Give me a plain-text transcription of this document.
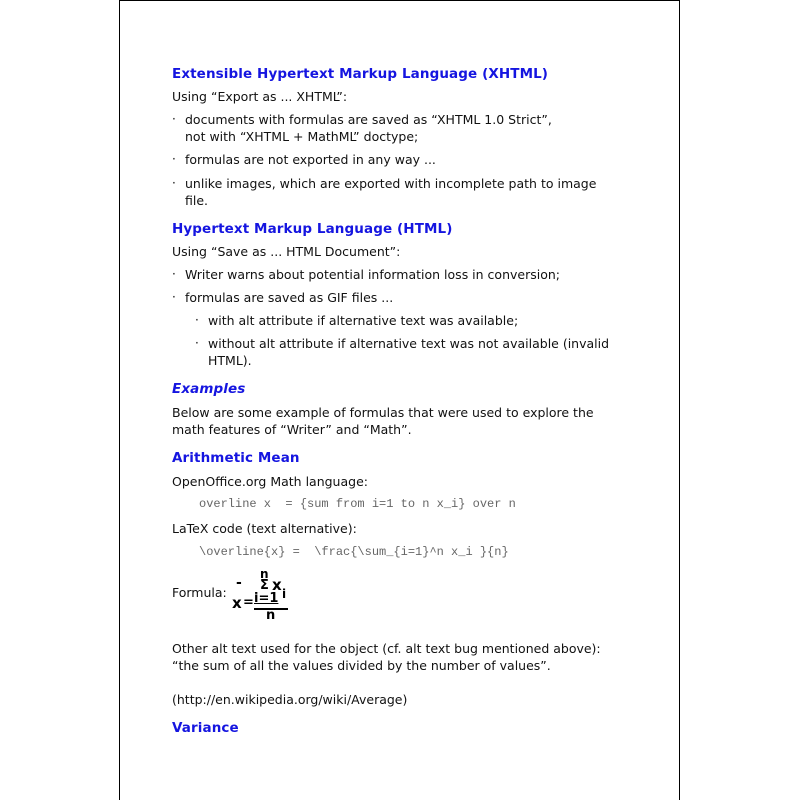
Extensible Hypertext Markup Language (XHTML)
Using “Export as ... XHTML”:
· documents with formulas are saved as “XHTML 1.0 Strict”,
not with “XHTML + MathML” doctype;
· formulas are not exported in any way ...
· unlike images, which are exported with incomplete path to image
file.
Hypertext Markup Language (HTML)
Using “Save as ... HTML Document”:
· Writer warns about potential information loss in conversion;
· formulas are saved as GIF files ...
· with alt attribute if alternative text was available;
· without alt attribute if alternative text was not available (invalid
HTML).
Examples
Below are some example of formulas that were used to explore the
math features of “Writer” and “Math”.
Arithmetic Mean
OpenOffice.org Math language:
overline x  = {sum from i=1 to n x_i} over n
LaTeX code (text alternative):
\overline{x} =  \frac{\sum_{i=1}^n x_i }{n}
Formula:
-
x =
n
Σ x i
i=1
n
Other alt text used for the object (cf. alt text bug mentioned above):
“the sum of all the values divided by the number of values”.
(http://en.wikipedia.org/wiki/Average)
Variance
